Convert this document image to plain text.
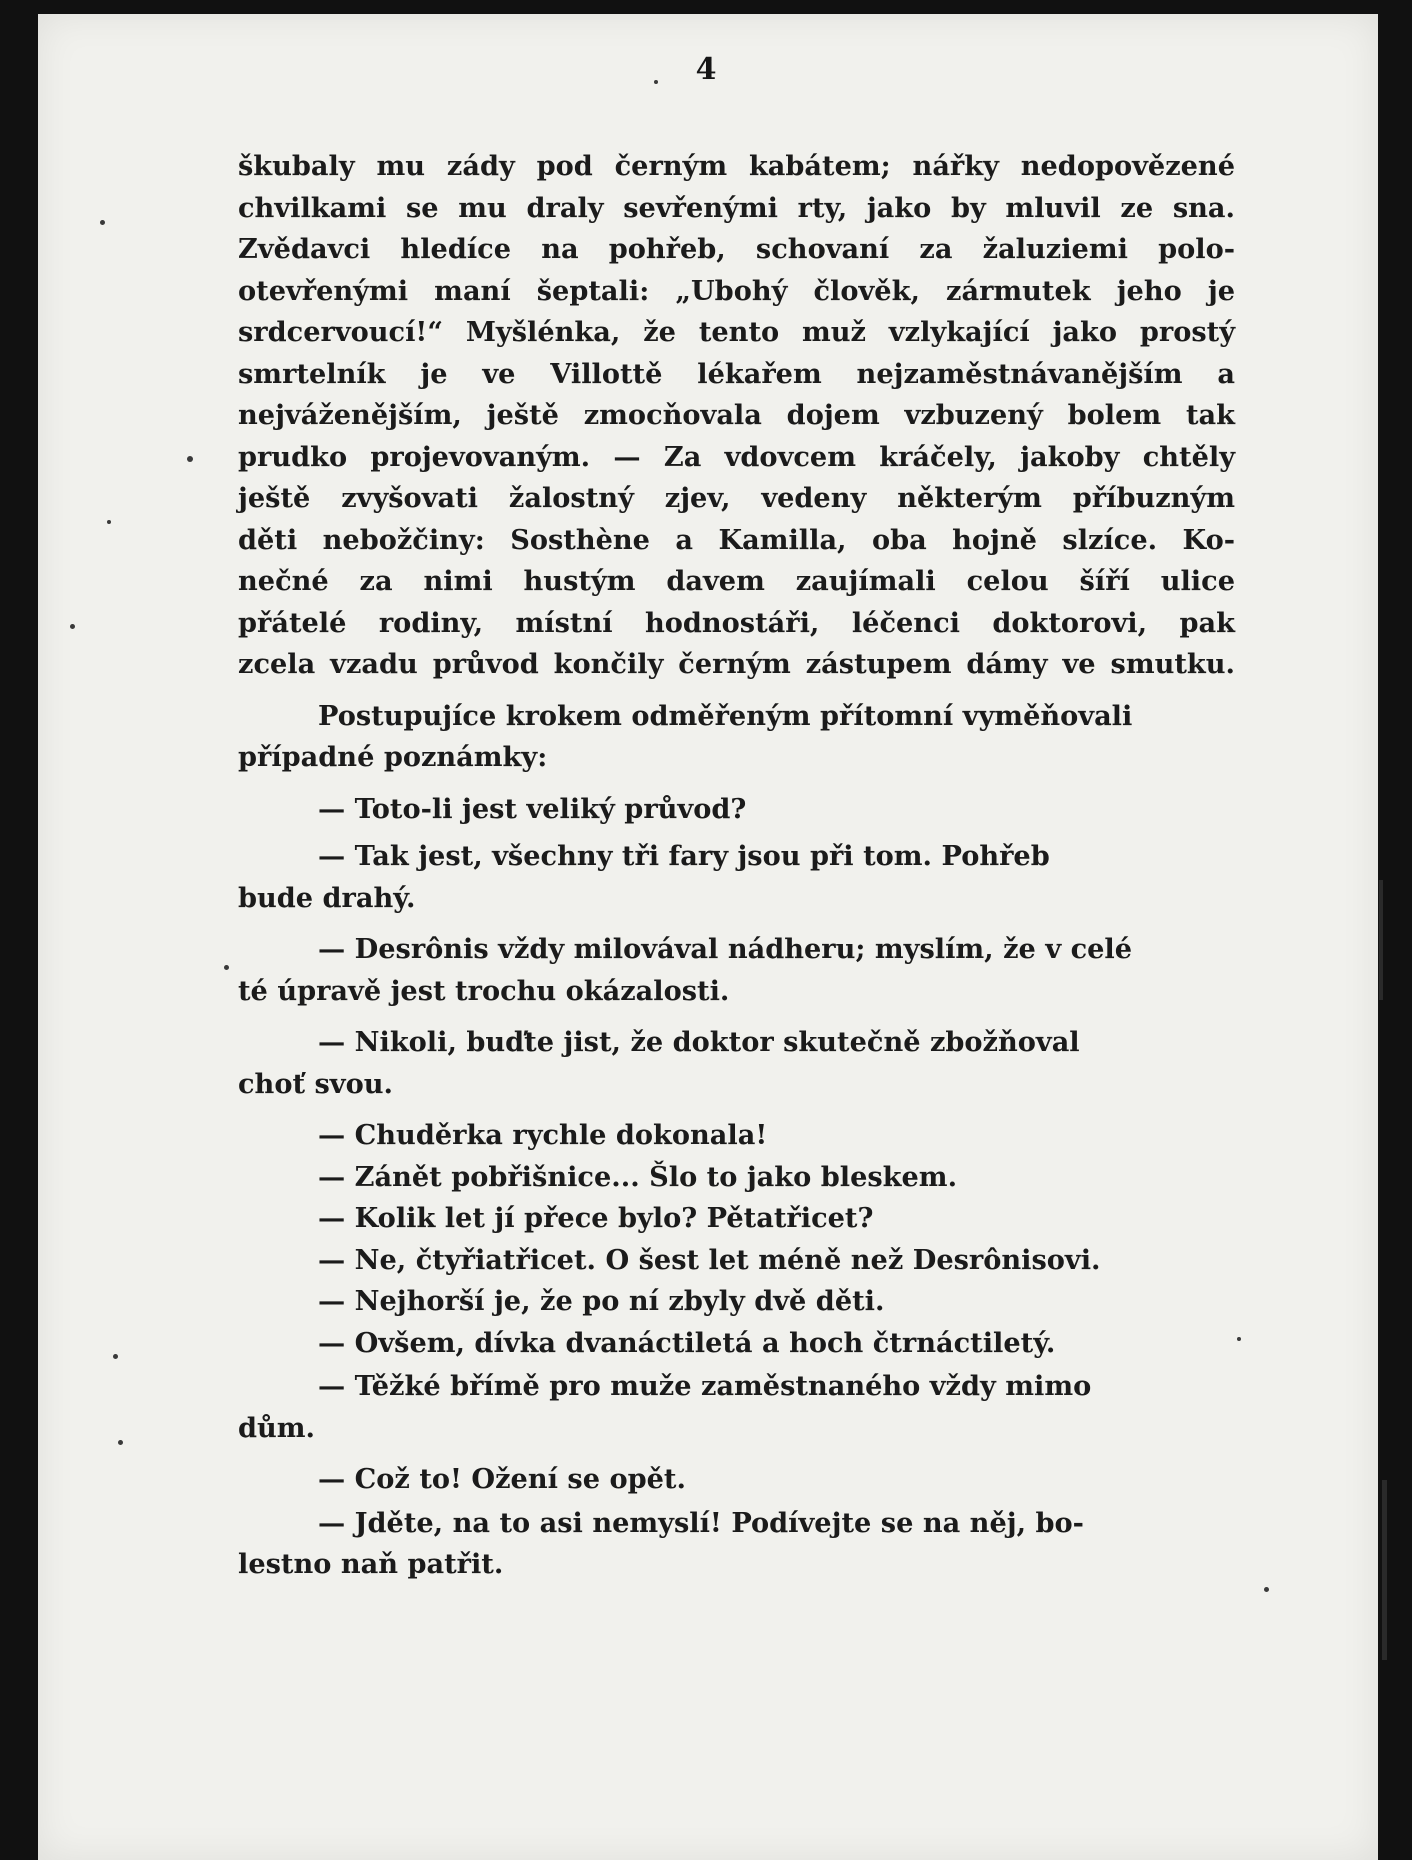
4

škubaly mu zády pod černým kabátem; nářky nedopovězené
chvilkami se mu draly sevřenými rty, jako by mluvil ze sna.
Zvědavci hledíce na pohřeb, schovaní za žaluziemi polo-
otevřenými maní šeptali: „Ubohý člověk, zármutek jeho je
srdcervoucí!“ Myšlénka, že tento muž vzlykající jako prostý
smrtelník je ve Villottě lékařem nejzaměstnávanějším a
nejváženějším, ještě zmocňovala dojem vzbuzený bolem tak
prudko projevovaným. — Za vdovcem kráčely, jakoby chtěly
ještě zvyšovati žalostný zjev, vedeny některým příbuzným
děti nebožčiny: Sosthène a Kamilla, oba hojně slzíce. Ko-
nečné za nimi hustým davem zaujímali celou šíří ulice
přátelé rodiny, místní hodnostáři, léčenci doktorovi, pak
zcela vzadu průvod končily černým zástupem dámy ve smutku.

Postupujíce krokem odměřeným přítomní vyměňovali
případné poznámky:

— Toto-li jest veliký průvod?

— Tak jest, všechny tři fary jsou při tom. Pohřeb
bude drahý.

— Desrônis vždy milovával nádheru; myslím, že v celé
té úpravě jest trochu okázalosti.

— Nikoli, buďte jist, že doktor skutečně zbožňoval
choť svou.

— Chuděrka rychle dokonala!

— Zánět pobřišnice... Šlo to jako bleskem.

— Kolik let jí přece bylo? Pětatřicet?

— Ne, čtyřiatřicet. O šest let méně než Desrônisovi.

— Nejhorší je, že po ní zbyly dvě děti.

— Ovšem, dívka dvanáctiletá a hoch čtrnáctiletý.

— Těžké břímě pro muže zaměstnaného vždy mimo
dům.

— Což to! Ožení se opět.

— Jděte, na to asi nemyslí! Podívejte se na něj, bo-
lestno naň patřit.
